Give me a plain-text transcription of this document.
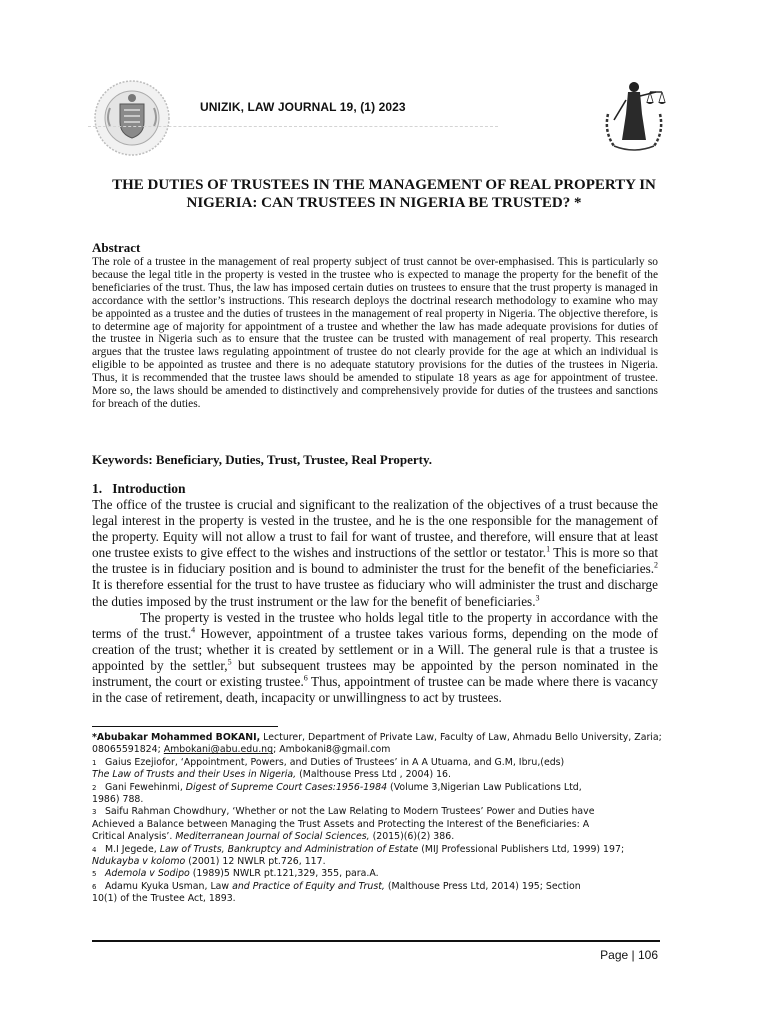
UNIZIK, LAW JOURNAL 19, (1) 2023
THE DUTIES OF TRUSTEES IN THE MANAGEMENT OF REAL PROPERTY IN
NIGERIA: CAN TRUSTEES IN NIGERIA BE TRUSTED? *
Abstract
The role of a trustee in the management of real property subject of trust cannot be over-emphasised. This is particularly so because the legal title in the property is vested in the trustee who is expected to manage the property for the benefit of the beneficiaries of the trust. Thus, the law has imposed certain duties on trustees to ensure that the trust property is managed in accordance with the settlor’s instructions. This research deploys the doctrinal research methodology to examine who may be appointed as a trustee and the duties of trustees in the management of real property in Nigeria. The objective therefore, is to determine age of majority for appointment of a trustee and whether the law has made adequate provisions for duties of the trustee in Nigeria such as to ensure that the trustee can be trusted with management of real property. This research argues that the trustee laws regulating appointment of trustee do not clearly provide for the age at which an individual is eligible to be appointed as trustee and there is no adequate statutory provisions for the duties of the trustees in Nigeria. Thus, it is recommended that the trustee laws should be amended to stipulate 18 years as age for appointment of trustee. More so, the laws should be amended to distinctively and comprehensively provide for duties of the trustees and sanctions for breach of the duties.
Keywords: Beneficiary, Duties, Trust, Trustee, Real Property.
1.   Introduction

The office of the trustee is crucial and significant to the realization of the objectives of a trust because the legal interest in the property is vested in the trustee, and he is the one responsible for the management of the property. Equity will not allow a trust to fail for want of trustee, and therefore, will ensure that at least one trustee exists to give effect to the wishes and instructions of the settlor or testator.$^1$ This is more so that the trustee is in fiduciary position and is bound to administer the trust for the benefit of the beneficiaries.$^2$ It is therefore essential for the trust to have trustee as fiduciary who will administer the trust and discharge the duties imposed by the trust instrument or the law for the benefit of beneficiaries.$^3$

The property is vested in the trustee who holds legal title to the property in accordance with the terms of the trust.$^4$ However, appointment of a trustee takes various forms, depending on the mode of creation of the trust; whether it is created by settlement or in a Will. The general rule is that a trustee is appointed by the settler,$^5$ but subsequent trustees may be appointed by the person nominated in the instrument, the court or existing trustee.$^6$ Thus, appointment of trustee can be made where there is vacancy in the case of retirement, death, incapacity or unwillingness to act by trustees.

*Abubakar Mohammed BOKANI, Lecturer, Department of Private Law, Faculty of Law, Ahmadu Bello University, Zaria;
08065591824; Ambokani@abu.edu.ng; Ambokani8@gmail.com
1 Gaius Ezejiofor, ‘Appointment, Powers, and Duties of Trustees’ in A A Utuama, and G.M, Ibru,(eds)
The Law of Trusts and their Uses in Nigeria, (Malthouse Press Ltd , 2004) 16.
2 Gani Fewehinmi, Digest of Supreme Court Cases:1956-1984 (Volume 3,Nigerian Law Publications Ltd,
1986) 788.
3 Saifu Rahman Chowdhury, ‘Whether or not the Law Relating to Modern Trustees’ Power and Duties have
Achieved a Balance between Managing the Trust Assets and Protecting the Interest of the Beneficiaries: A
Critical Analysis’. Mediterranean Journal of Social Sciences, (2015)(6)(2) 386.
4 M.I Jegede, Law of Trusts, Bankruptcy and Administration of Estate (MIJ Professional Publishers Ltd, 1999) 197;
Ndukayba v kolomo (2001) 12 NWLR pt.726, 117.
5 Ademola v Sodipo (1989)5 NWLR pt.121,329, 355, para.A.
6 Adamu Kyuka Usman, Law and Practice of Equity and Trust, (Malthouse Press Ltd, 2014) 195; Section
10(1) of the Trustee Act, 1893.
Page | 106
